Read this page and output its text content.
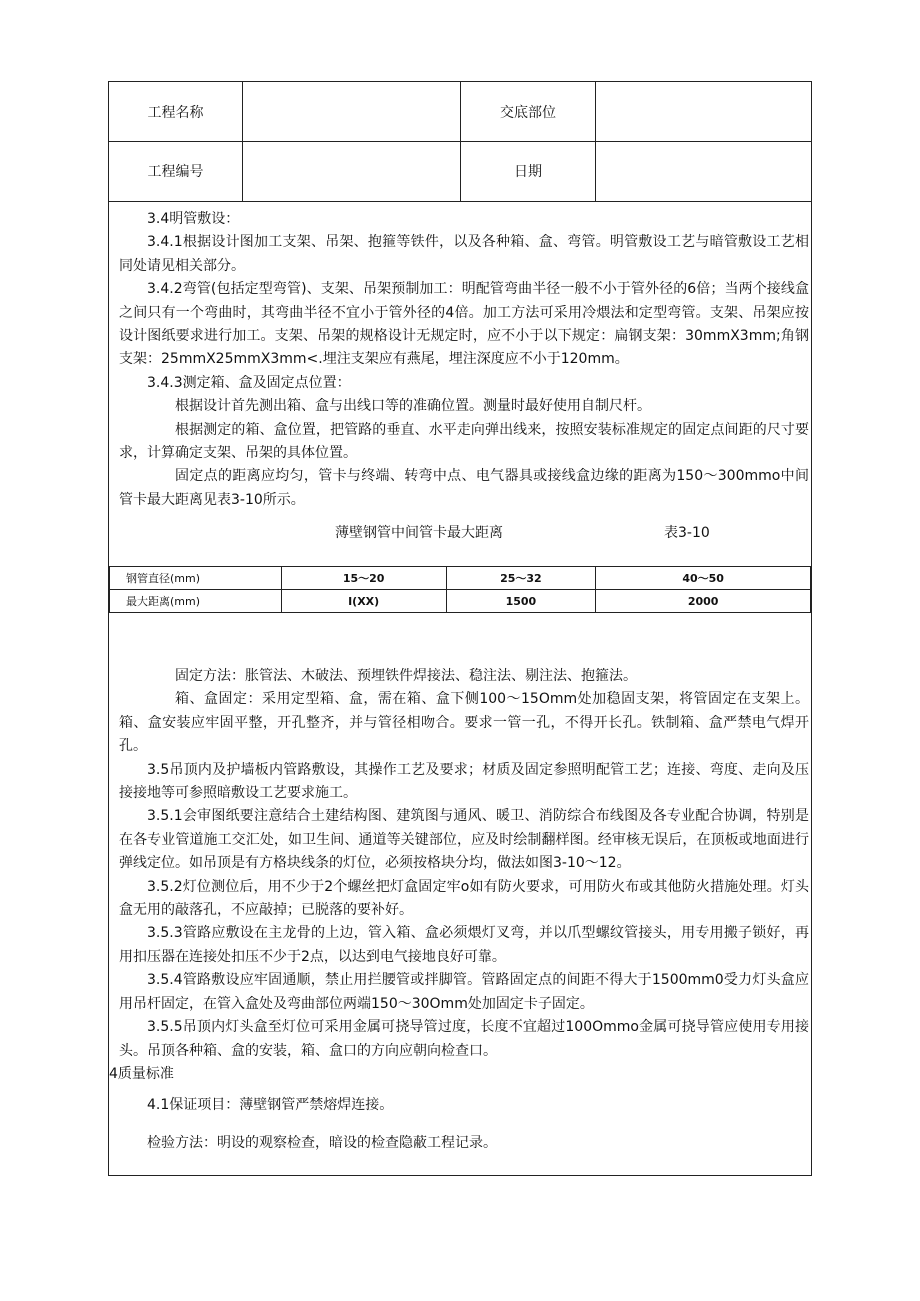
工程名称	交底部位
工程编号	日期

3.4明管敷设：

3.4.1根据设计图加工支架、吊架、抱箍等铁件，以及各种箱、盒、弯管。明管敷设工艺与暗管敷设工艺相同处请见相关部分。

3.4.2弯管(包括定型弯管)、支架、吊架预制加工：明配管弯曲半径一般不小于管外径的6倍；当两个接线盒之间只有一个弯曲时，其弯曲半径不宜小于管外径的4倍。加工方法可采用冷煨法和定型弯管。支架、吊架应按设计图纸要求进行加工。支架、吊架的规格设计无规定时，应不小于以下规定：扁钢支架：30mmX3mm;角钢支架：25mmX25mmX3mm<.埋注支架应有燕尾，埋注深度应不小于120mm。

3.4.3测定箱、盒及固定点位置：

根据设计首先测出箱、盒与出线口等的准确位置。测量时最好使用自制尺杆。

根据测定的箱、盒位置，把管路的垂直、水平走向弹出线来，按照安装标准规定的固定点间距的尺寸要求，计算确定支架、吊架的具体位置。

固定点的距离应均匀，管卡与终端、转弯中点、电气器具或接线盒边缘的距离为150～300mmo中间管卡最大距离见表3-10所示。

薄壁钢管中间管卡最大距离	表3-10
钢管直径(mm)	15～20	25～32	40～50
最大距离(mm)	I(XX)	1500	2000

固定方法：胀管法、木破法、预埋铁件焊接法、稳注法、剔注法、抱箍法。

箱、盒固定：采用定型箱、盒，需在箱、盒下侧100～15Omm处加稳固支架，将管固定在支架上。箱、盒安装应牢固平整，开孔整齐，并与管径相吻合。要求一管一孔，不得开长孔。铁制箱、盒严禁电气焊开孔。

3.5吊顶内及护墙板内管路敷设，其操作工艺及要求；材质及固定参照明配管工艺；连接、弯度、走向及压接接地等可参照暗敷设工艺要求施工。

3.5.1会审图纸要注意结合土建结构图、建筑图与通风、暖卫、消防综合布线图及各专业配合协调，特别是在各专业管道施工交汇处，如卫生间、通道等关键部位，应及时绘制翻样图。经审核无误后，在顶板或地面进行弹线定位。如吊顶是有方格块线条的灯位，必须按格块分均，做法如图3-10～12。

3.5.2灯位测位后，用不少于2个螺丝把灯盒固定牢o如有防火要求，可用防火布或其他防火措施处理。灯头盒无用的敲落孔，不应敲掉；已脱落的要补好。

3.5.3管路应敷设在主龙骨的上边，管入箱、盒必须煨灯叉弯，并以爪型螺纹管接头，用专用搬子锁好，再用扣压器在连接处扣压不少于2点，以达到电气接地良好可靠。

3.5.4管路敷设应牢固通顺，禁止用拦腰管或拌脚管。管路固定点的间距不得大于1500mm0受力灯头盒应用吊杆固定，在管入盒处及弯曲部位两端150～30Omm处加固定卡子固定。

3.5.5吊顶内灯头盒至灯位可采用金属可挠导管过度，长度不宜超过100Ommo金属可挠导管应使用专用接头。吊顶各种箱、盒的安装，箱、盒口的方向应朝向检查口。

4质量标准

4.1保证项目：薄壁钢管严禁熔焊连接。

检验方法：明设的观察检查，暗设的检查隐蔽工程记录。
